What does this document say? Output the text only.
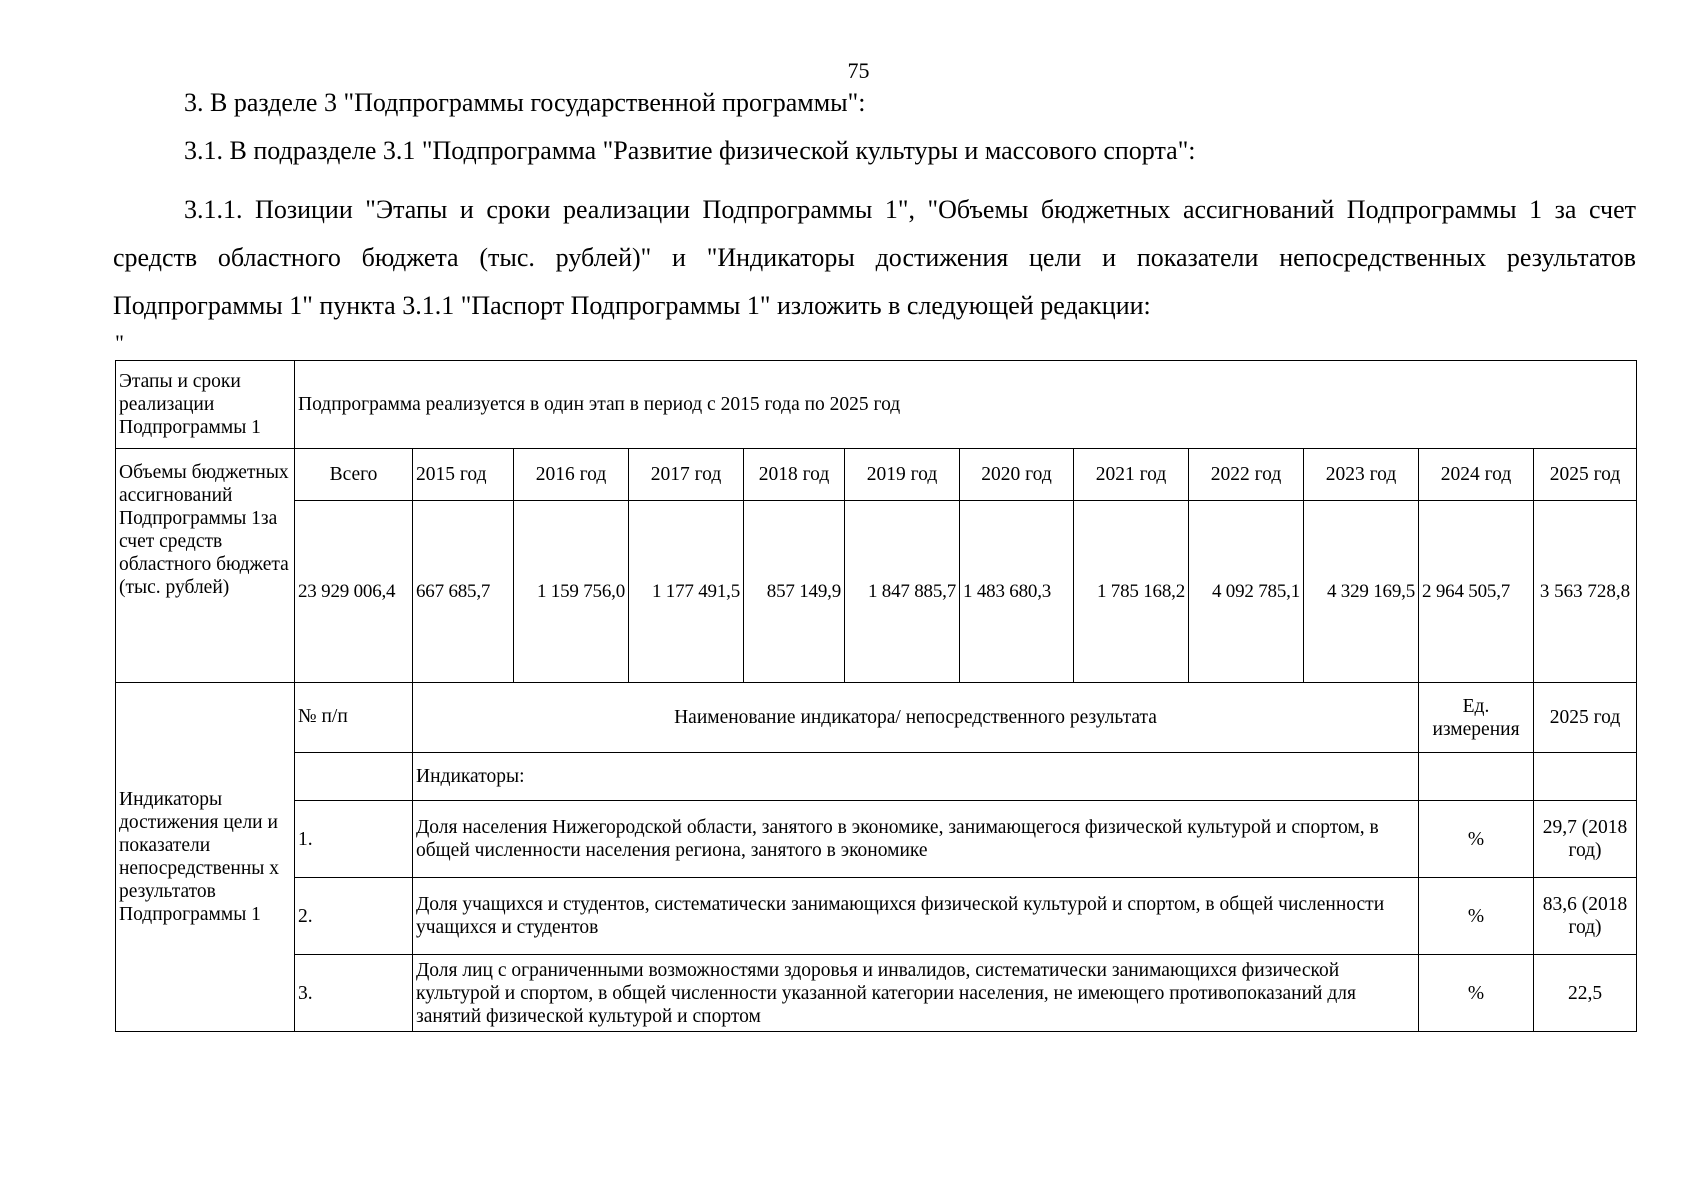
75
3. В разделе 3 "Подпрограммы государственной программы":
3.1. В подразделе 3.1 "Подпрограмма "Развитие физической культуры и массового спорта":
3.1.1. Позиции "Этапы и сроки реализации Подпрограммы 1", "Объемы бюджетных ассигнований Подпрограммы 1 за счет средств областного бюджета (тыс. рублей)" и "Индикаторы достижения цели и показатели непосредственных результатов Подпрограммы 1" пункта 3.1.1 "Паспорт Подпрограммы 1" изложить в следующей редакции:
"
Этапы и сроки реализации Подпрограммы 1	Подпрограмма реализуется в один этап в период с 2015 года по 2025 год											
Объемы бюджетных ассигнований Подпрограммы 1за счет средств областного бюджета (тыс. рублей)	Всего	2015 год	2016 год	2017 год	2018 год	2019 год	2020 год	2021 год	2022 год	2023 год	2024 год	2025 год
	23 929 006,4	667 685,7	1 159 756,0	1 177 491,5	857 149,9	1 847 885,7	1 483 680,3	1 785 168,2	4 092 785,1	4 329 169,5	2 964 505,7	3 563 728,8
Индикаторы достижения цели и показатели непосредственны х результатов Подпрограммы 1	№ п/п	Наименование индикатора/ непосредственного результата									Ед. измерения	2025 год
		Индикаторы:										
	1.	Доля населения Нижегородской области, занятого в экономике, занимающегося физической культурой и спортом, в общей численности населения региона, занятого в экономике									%	29,7 (2018 год)
	2.	Доля учащихся и студентов, систематически занимающихся физической культурой и спортом, в общей численности учащихся и студентов									%	83,6 (2018 год)
	3.	Доля лиц с ограниченными возможностями здоровья и инвалидов, систематически занимающихся физической культурой и спортом, в общей численности указанной категории населения, не имеющего противопоказаний для занятий физической культурой и спортом									%	22,5
